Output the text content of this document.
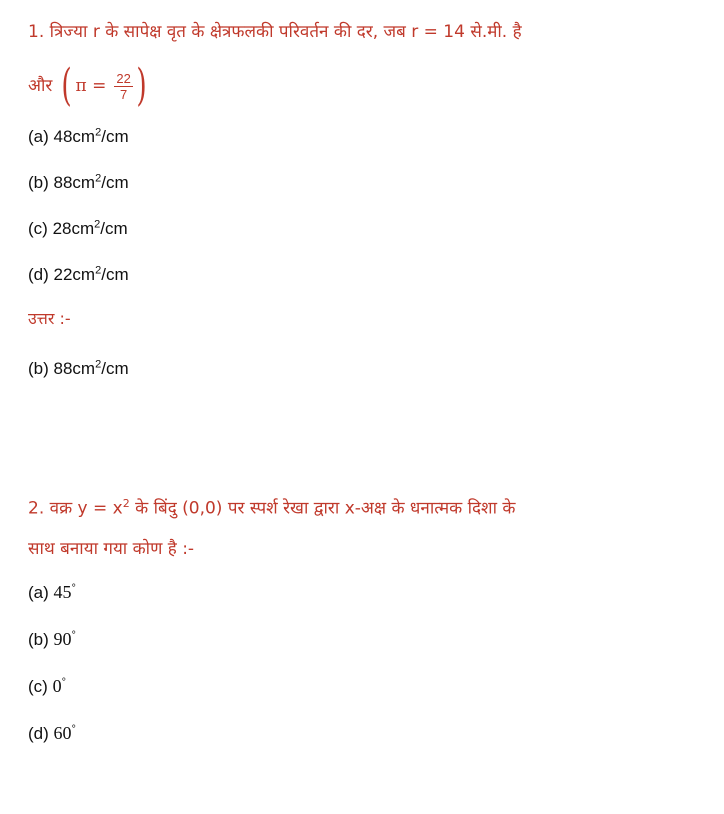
1. त्रिज्या r के सापेक्ष वृत के क्षेत्रफलकी परिवर्तन की दर, जब r = 14 से.मी. है
और ( $\pi = \frac{22}{7}$ )
(a) $48cm^2/cm$
(b) $88cm^2/cm$
(c) $28cm^2/cm$
(d) $22cm^2/cm$
उत्तर :-
(b) $88cm^2/cm$
2. वक्र $y = x^2$ के बिंदु (0,0) पर स्पर्श रेखा द्वारा x-अक्ष के धनात्मक दिशा के
साथ बनाया गया कोण है :-
(a) 45°
(b) 90°
(c) 0°
(d) 60°
